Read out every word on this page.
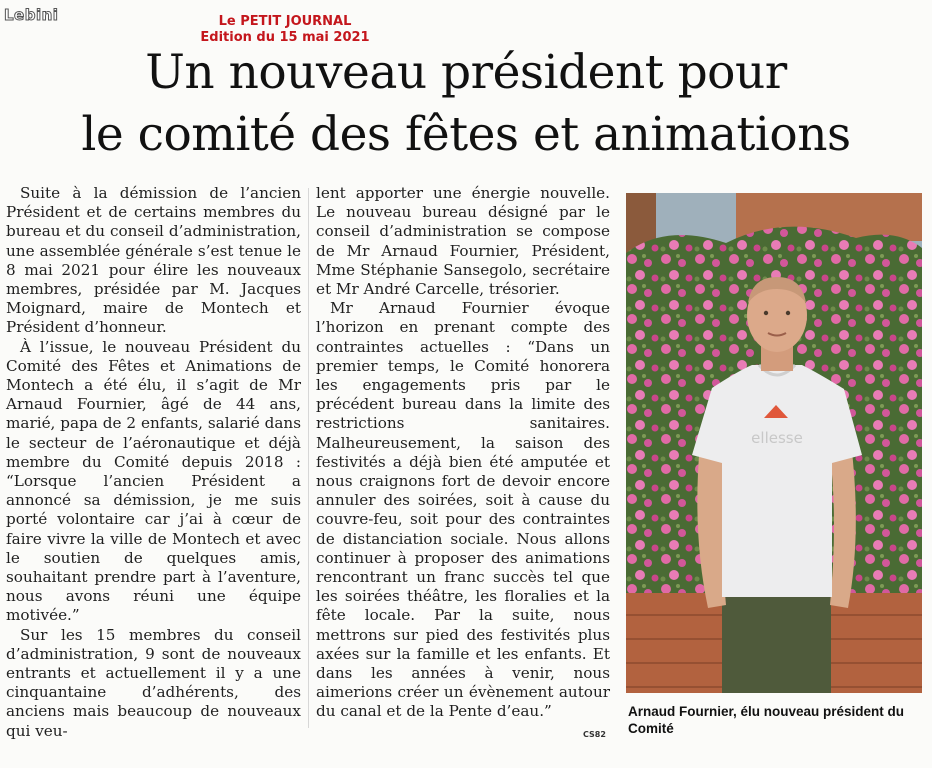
Lebini	Le PETIT JOURNAL
Edition du 15 mai 2021
Un nouveau président pour
le comité des fêtes et animations

Suite à la démission de l’ancien Président et de certains membres du bureau et du conseil d’administration, une assemblée générale s’est tenue le 8 mai 2021 pour élire les nouveaux membres, présidée par M. Jacques Moignard, maire de Montech et Président d’honneur.

À l’issue, le nouveau Président du Comité des Fêtes et Animations de Montech a été élu, il s’agit de Mr Arnaud Fournier, âgé de 44 ans, marié, papa de 2 enfants, salarié dans le secteur de l’aéronautique et déjà membre du Comité depuis 2018 : “Lorsque l’ancien Président a annoncé sa démission, je me suis porté volontaire car j’ai à cœur de faire vivre la ville de Montech et avec le soutien de quelques amis, souhaitant prendre part à l’aventure, nous avons réuni une équipe motivée.”

Sur les 15 membres du conseil d’administration, 9 sont de nouveaux entrants et actuellement il y a une cinquantaine d’adhérents, des anciens mais beaucoup de nouveaux qui veu-

lent apporter une énergie nouvelle. Le nouveau bureau désigné par le conseil d’administration se compose de Mr Arnaud Fournier, Président, Mme Stéphanie Sansegolo, secrétaire et Mr André Carcelle, trésorier.

Mr Arnaud Fournier évoque l’horizon en prenant compte des contraintes actuelles : “Dans un premier temps, le Comité honorera les engagements pris par le précédent bureau dans la limite des restrictions sanitaires. Malheureusement, la saison des festivités a déjà bien été amputée et nous craignons fort de devoir encore annuler des soirées, soit à cause du couvre-feu, soit pour des contraintes de distanciation sociale. Nous allons continuer à proposer des animations rencontrant un franc succès tel que les soirées théâtre, les floralies et la fête locale. Par la suite, nous mettrons sur pied des festivités plus axées sur la famille et les enfants. Et dans les années à venir, nous aimerions créer un évènement autour du canal et de la Pente d’eau.”

CS82
ellesse
Arnaud Fournier, élu nouveau président du Comité
